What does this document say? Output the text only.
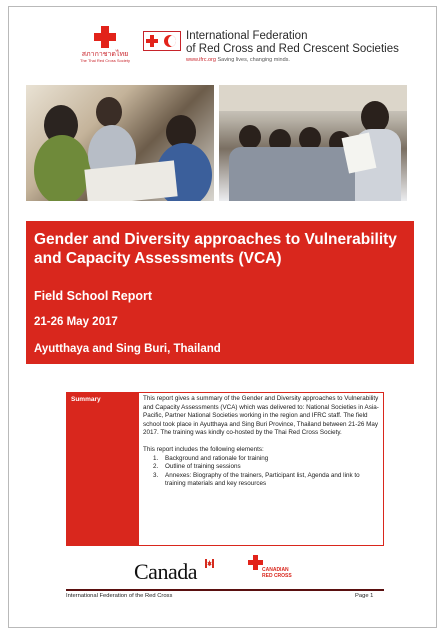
สภากาชาดไทย
The Thai Red Cross Society
International Federation
of Red Cross and Red Crescent Societies
www.ifrc.org Saving lives, changing minds.
Gender and Diversity approaches to Vulnerability and Capacity Assessments (VCA)
Field School Report
21-26 May 2017
Ayutthaya and Sing Buri, Thailand
Summary	This report gives a summary of the Gender and Diversity approaches to Vulnerability and Capacity Assessments (VCA) which was delivered to: National Societies in Asia-Pacific, Partner National Societies working in the region and IFRC staff. The field school took place in Ayutthaya and Sing Buri Province, Thailand between 21-26 May 2017. The training was kindly co-hosted by the Thai Red Cross Society.

This report includes the following elements:

1. Background and rationale for training
2. Outline of training sessions
3. Annexes: Biography of the trainers, Participant list, Agenda and link to training materials and key resources
Canada	CANADIAN
RED CROSS
International Federation of the Red Cross	Page 1
